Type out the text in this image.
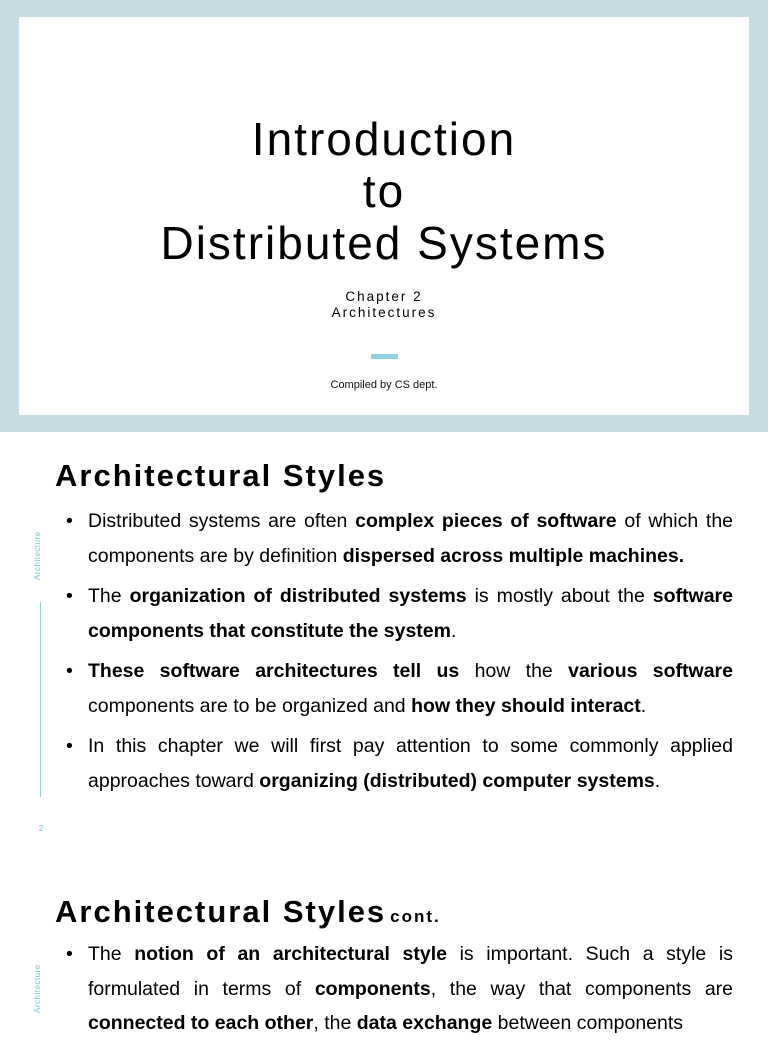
Introduction
to
Distributed Systems
Chapter 2
Architectures
Compiled by CS dept.
Architectural Styles
Architecture
2
• Distributed systems are often complex pieces of software of which the components are by definition dispersed across multiple machines.
• The organization of distributed systems is mostly about the software components that constitute the system.
• These software architectures tell us how the various software components are to be organized and how they should interact.
• In this chapter we will first pay attention to some commonly applied approaches toward organizing (distributed) computer systems.
Architectural Styles cont.
Architecture
• The notion of an architectural style is important. Such a style is formulated in terms of components, the way that components are connected to each other, the data exchange between components
